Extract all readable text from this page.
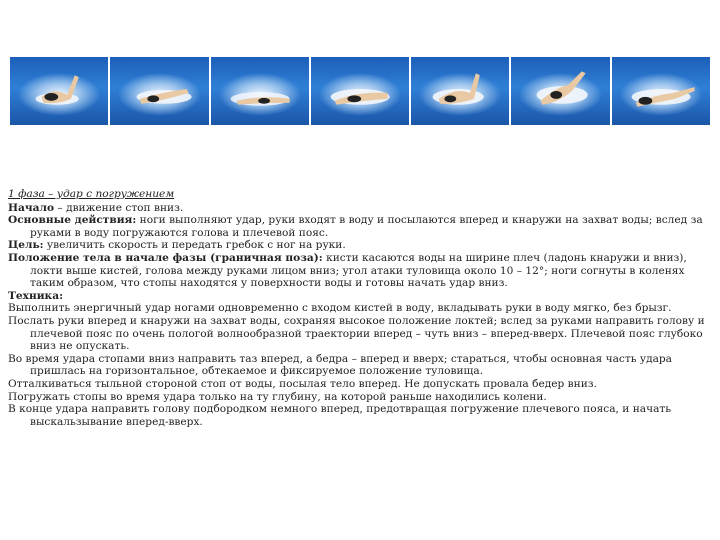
1 фаза – удар с погружением

Начало – движение стоп вниз.

Основные действия: ноги выполняют удар, руки входят в воду и посылаются вперед и кнаружи на захват воды; вслед за руками в воду погружаются голова и плечевой пояс.

Цель: увеличить скорость и передать гребок с ног на руки.

Положение тела в начале фазы (граничная поза): кисти касаются воды на ширине плеч (ладонь кнаружи и вниз), локти выше кистей, голова между руками лицом вниз; угол атаки туловища около 10 – 12°; ноги согнуты в коленях таким образом, что стопы находятся у поверхности воды и готовы начать удар вниз.

Техника:

Выполнить энергичный удар ногами одновременно с входом кистей в воду, вкладывать руки в воду мягко, без брызг.

Послать руки вперед и кнаружи на захват воды, сохраняя высокое положение локтей; вслед за руками направить голову и плечевой пояс по очень пологой волнообразной траектории вперед – чуть вниз – вперед-вверх. Плечевой пояс глубоко вниз не опускать.

Во время удара стопами вниз направить таз вперед, а бедра – вперед и вверх; стараться, чтобы основная часть удара пришлась на горизонтальное, обтекаемое и фиксируемое положение туловища.

Отталкиваться тыльной стороной стоп от воды, посылая тело вперед. Не допускать провала бедер вниз.

Погружать стопы во время удара только на ту глубину, на которой раньше находились колени.

В конце удара направить голову подбородком немного вперед, предотвращая погружение плечевого пояса, и начать выскальзывание вперед-вверх.
